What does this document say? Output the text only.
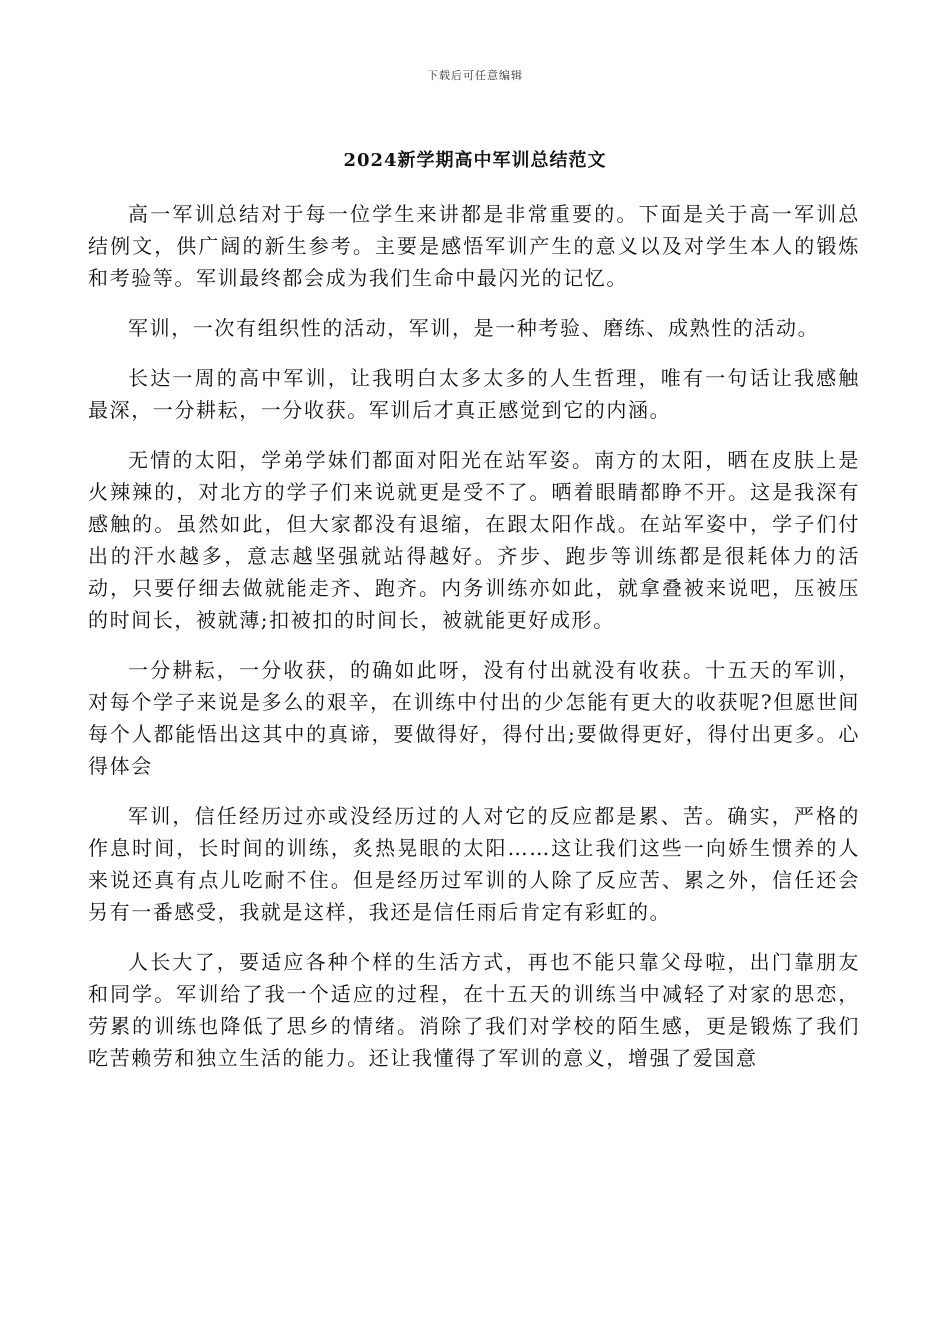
下载后可任意编辑
2024新学期高中军训总结范文

高一军训总结对于每一位学生来讲都是非常重要的。下面是关于高一军训总结例文，供广阔的新生参考。主要是感悟军训产生的意义以及对学生本人的锻炼和考验等。军训最终都会成为我们生命中最闪光的记忆。

军训，一次有组织性的活动，军训，是一种考验、磨练、成熟性的活动。

长达一周的高中军训，让我明白太多太多的人生哲理，唯有一句话让我感触最深，一分耕耘，一分收获。军训后才真正感觉到它的内涵。

无情的太阳，学弟学妹们都面对阳光在站军姿。南方的太阳，晒在皮肤上是火辣辣的，对北方的学子们来说就更是受不了。晒着眼睛都睁不开。这是我深有感触的。虽然如此，但大家都没有退缩，在跟太阳作战。在站军姿中，学子们付出的汗水越多，意志越坚强就站得越好。齐步、跑步等训练都是很耗体力的活动，只要仔细去做就能走齐、跑齐。内务训练亦如此，就拿叠被来说吧，压被压的时间长，被就薄;扣被扣的时间长，被就能更好成形。

一分耕耘，一分收获，的确如此呀，没有付出就没有收获。十五天的军训，对每个学子来说是多么的艰辛，在训练中付出的少怎能有更大的收获呢?但愿世间每个人都能悟出这其中的真谛，要做得好，得付出;要做得更好，得付出更多。心得体会

军训，信任经历过亦或没经历过的人对它的反应都是累、苦。确实，严格的作息时间，长时间的训练，炙热晃眼的太阳……这让我们这些一向娇生惯养的人来说还真有点儿吃耐不住。但是经历过军训的人除了反应苦、累之外，信任还会另有一番感受，我就是这样，我还是信任雨后肯定有彩虹的。

人长大了，要适应各种个样的生活方式，再也不能只靠父母啦，出门靠朋友和同学。军训给了我一个适应的过程，在十五天的训练当中减轻了对家的思恋，劳累的训练也降低了思乡的情绪。消除了我们对学校的陌生感，更是锻炼了我们吃苦赖劳和独立生活的能力。还让我懂得了军训的意义，增强了爱国意
